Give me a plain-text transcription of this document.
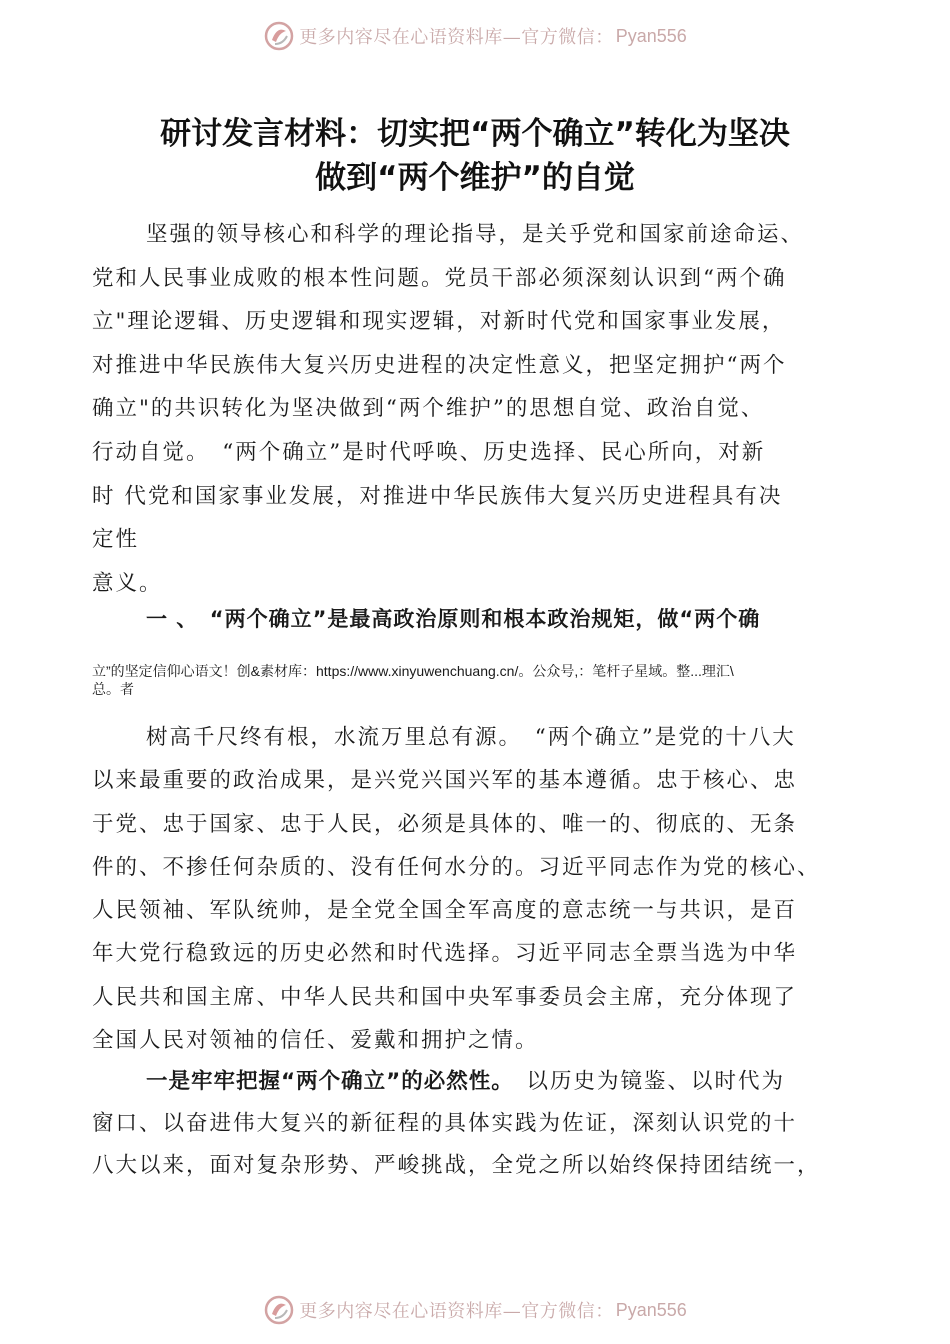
更多内容尽在心语资料库—官方微信： Pyan556
研讨发言材料：切实把“两个确立”转化为坚决
做到“两个维护”的自觉

坚强的领导核心和科学的理论指导，是关乎党和国家前途命运、
党和人民事业成败的根本性问题。党员干部必须深刻认识到“两个确
立"理论逻辑、历史逻辑和现实逻辑，对新时代党和国家事业发展，
对推进中华民族伟大复兴历史进程的决定性意义，把坚定拥护“两个
确立"的共识转化为坚决做到“两个维护”的思想自觉、政治自觉、
行动自觉。　“两个确立”是时代呼唤、历史选择、民心所向，对新
时 代党和国家事业发展，对推进中华民族伟大复兴历史进程具有决
定性
意义。

一 、　“两个确立”是最高政治原则和根本政治规矩，做“两个确

立”的坚定信仰心语文！创&素材库：https://www.xinyuwenchuang.cn/。公众号,：笔杆子星域。整...理汇\
总。者

树高千尺终有根，水流万里总有源。　“两个确立”是党的十八大
以来最重要的政治成果，是兴党兴国兴军的基本遵循。忠于核心、忠
于党、忠于国家、忠于人民，必须是具体的、唯一的、彻底的、无条
件的、不掺任何杂质的、没有任何水分的。习近平同志作为党的核心、
人民领袖、军队统帅，是全党全国全军高度的意志统一与共识，是百
年大党行稳致远的历史必然和时代选择。习近平同志全票当选为中华
人民共和国主席、中华人民共和国中央军事委员会主席，充分体现了
全国人民对领袖的信任、爱戴和拥护之情。

一是牢牢把握“两个确立”的必然性。　以历史为镜鉴、以时代为
窗口、以奋进伟大复兴的新征程的具体实践为佐证，深刻认识党的十
八大以来，面对复杂形势、严峻挑战，全党之所以始终保持团结统一，

更多内容尽在心语资料库—官方微信： Pyan556
